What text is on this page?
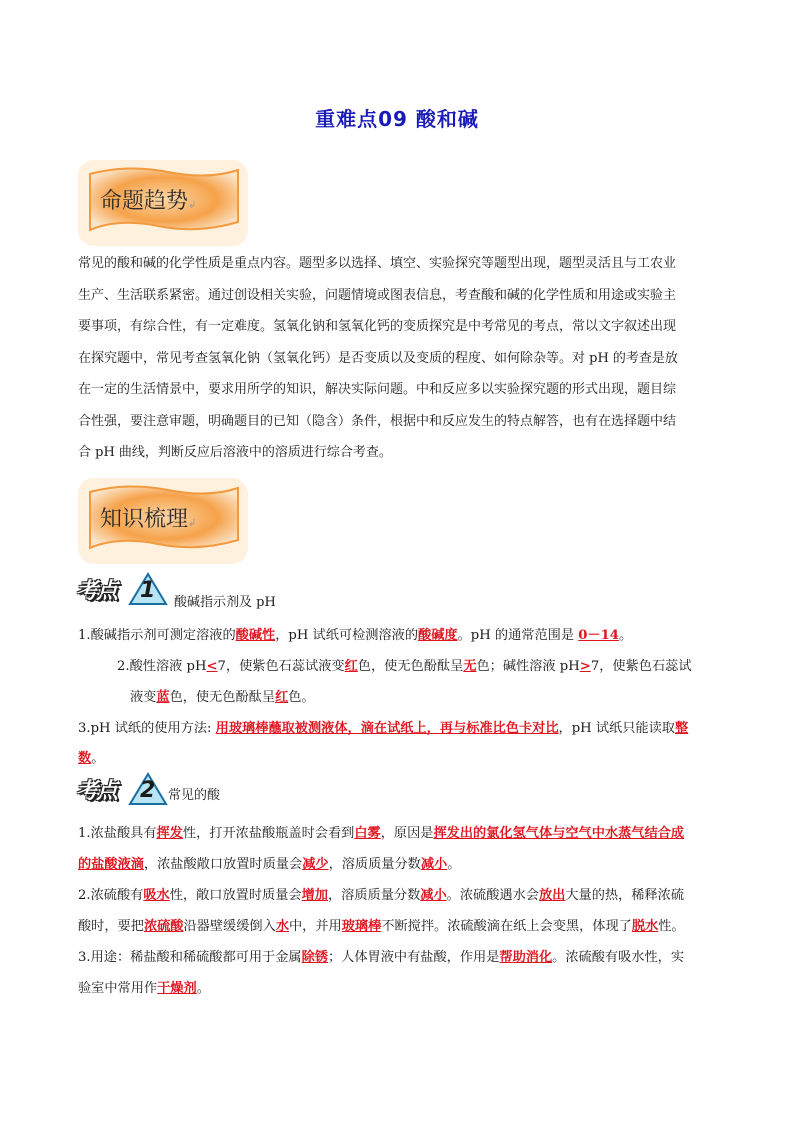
重难点09 酸和碱
命题趋势↲
常见的酸和碱的化学性质是重点内容。题型多以选择、填空、实验探究等题型出现，题型灵活且与工农业
生产、生活联系紧密。通过创设相关实验，问题情境或图表信息，考查酸和碱的化学性质和用途或实验主
要事项，有综合性，有一定难度。氢氧化钠和氢氧化钙的变质探究是中考常见的考点，常以文字叙述出现
在探究题中，常见考查氢氧化钠（氢氧化钙）是否变质以及变质的程度、如何除杂等。对 pH 的考查是放
在一定的生活情景中，要求用所学的知识，解决实际问题。中和反应多以实验探究题的形式出现，题目综
合性强，要注意审题，明确题目的已知（隐含）条件，根据中和反应发生的特点解答，也有在选择题中结
合 pH 曲线，判断反应后溶液中的溶质进行综合考查。
知识梳理↲
考点	1 酸碱指示剂及 pH
1.酸碱指示剂可测定溶液的酸碱性，pH 试纸可检测溶液的酸碱度。pH 的通常范围是 0－14。
2.酸性溶液 pH<7，使紫色石蕊试液变红色，使无色酚酞呈无色；碱性溶液 pH>7，使紫色石蕊试
液变蓝色，使无色酚酞呈红色。
3.pH 试纸的使用方法: 用玻璃棒蘸取被测液体，滴在试纸上，再与标准比色卡对比，pH 试纸只能读取整
数。
考点	2 常见的酸
1.浓盐酸具有挥发性，打开浓盐酸瓶盖时会看到白雾，原因是挥发出的氯化氢气体与空气中水蒸气结合成
的盐酸液滴，浓盐酸敞口放置时质量会减少，溶质质量分数减小。
2.浓硫酸有吸水性，敞口放置时质量会增加，溶质质量分数减小。浓硫酸遇水会放出大量的热，稀释浓硫
酸时，要把浓硫酸沿器壁缓缓倒入水中，并用玻璃棒不断搅拌。浓硫酸滴在纸上会变黑，体现了脱水性。
3.用途：稀盐酸和稀硫酸都可用于金属除锈；人体胃液中有盐酸，作用是帮助消化。浓硫酸有吸水性，实
验室中常用作干燥剂。
